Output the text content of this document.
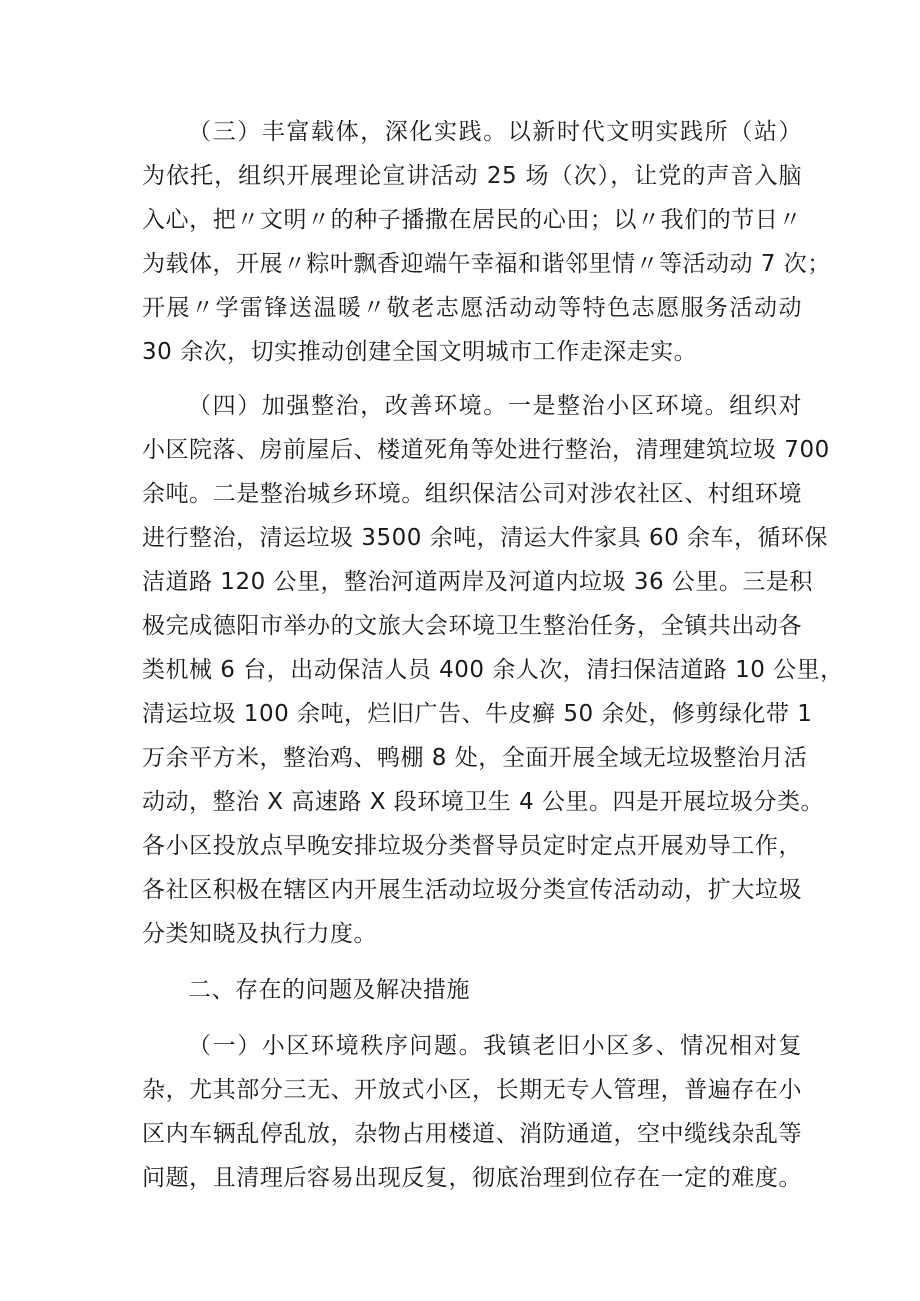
（三）丰富载体，深化实践。以新时代文明实践所（站）
为依托，组织开展理论宣讲活动 25 场（次），让党的声音入脑
入心，把〃文明〃的种子播撒在居民的心田；以〃我们的节日〃
为载体，开展〃粽叶飘香迎端午幸福和谐邻里情〃等活动动 7 次；
开展〃学雷锋送温暖〃敬老志愿活动动等特色志愿服务活动动
30 余次，切实推动创建全国文明城市工作走深走实。
（四）加强整治，改善环境。一是整治小区环境。组织对
小区院落、房前屋后、楼道死角等处进行整治，清理建筑垃圾 700
余吨。二是整治城乡环境。组织保洁公司对涉农社区、村组环境
进行整治，清运垃圾 3500 余吨，清运大件家具 60 余车，循环保
洁道路 120 公里，整治河道两岸及河道内垃圾 36 公里。三是积
极完成德阳市举办的文旅大会环境卫生整治任务，全镇共出动各
类机械 6 台，出动保洁人员 400 余人次，清扫保洁道路 10 公里，
清运垃圾 100 余吨，烂旧广告、牛皮癣 50 余处，修剪绿化带 1
万余平方米，整治鸡、鸭棚 8 处，全面开展全域无垃圾整治月活
动动，整治 X 高速路 X 段环境卫生 4 公里。四是开展垃圾分类。
各小区投放点早晚安排垃圾分类督导员定时定点开展劝导工作，
各社区积极在辖区内开展生活动垃圾分类宣传活动动，扩大垃圾
分类知晓及执行力度。
二、存在的问题及解决措施
（一）小区环境秩序问题。我镇老旧小区多、情况相对复
杂，尤其部分三无、开放式小区，长期无专人管理，普遍存在小
区内车辆乱停乱放，杂物占用楼道、消防通道，空中缆线杂乱等
问题，且清理后容易出现反复，彻底治理到位存在一定的难度。
